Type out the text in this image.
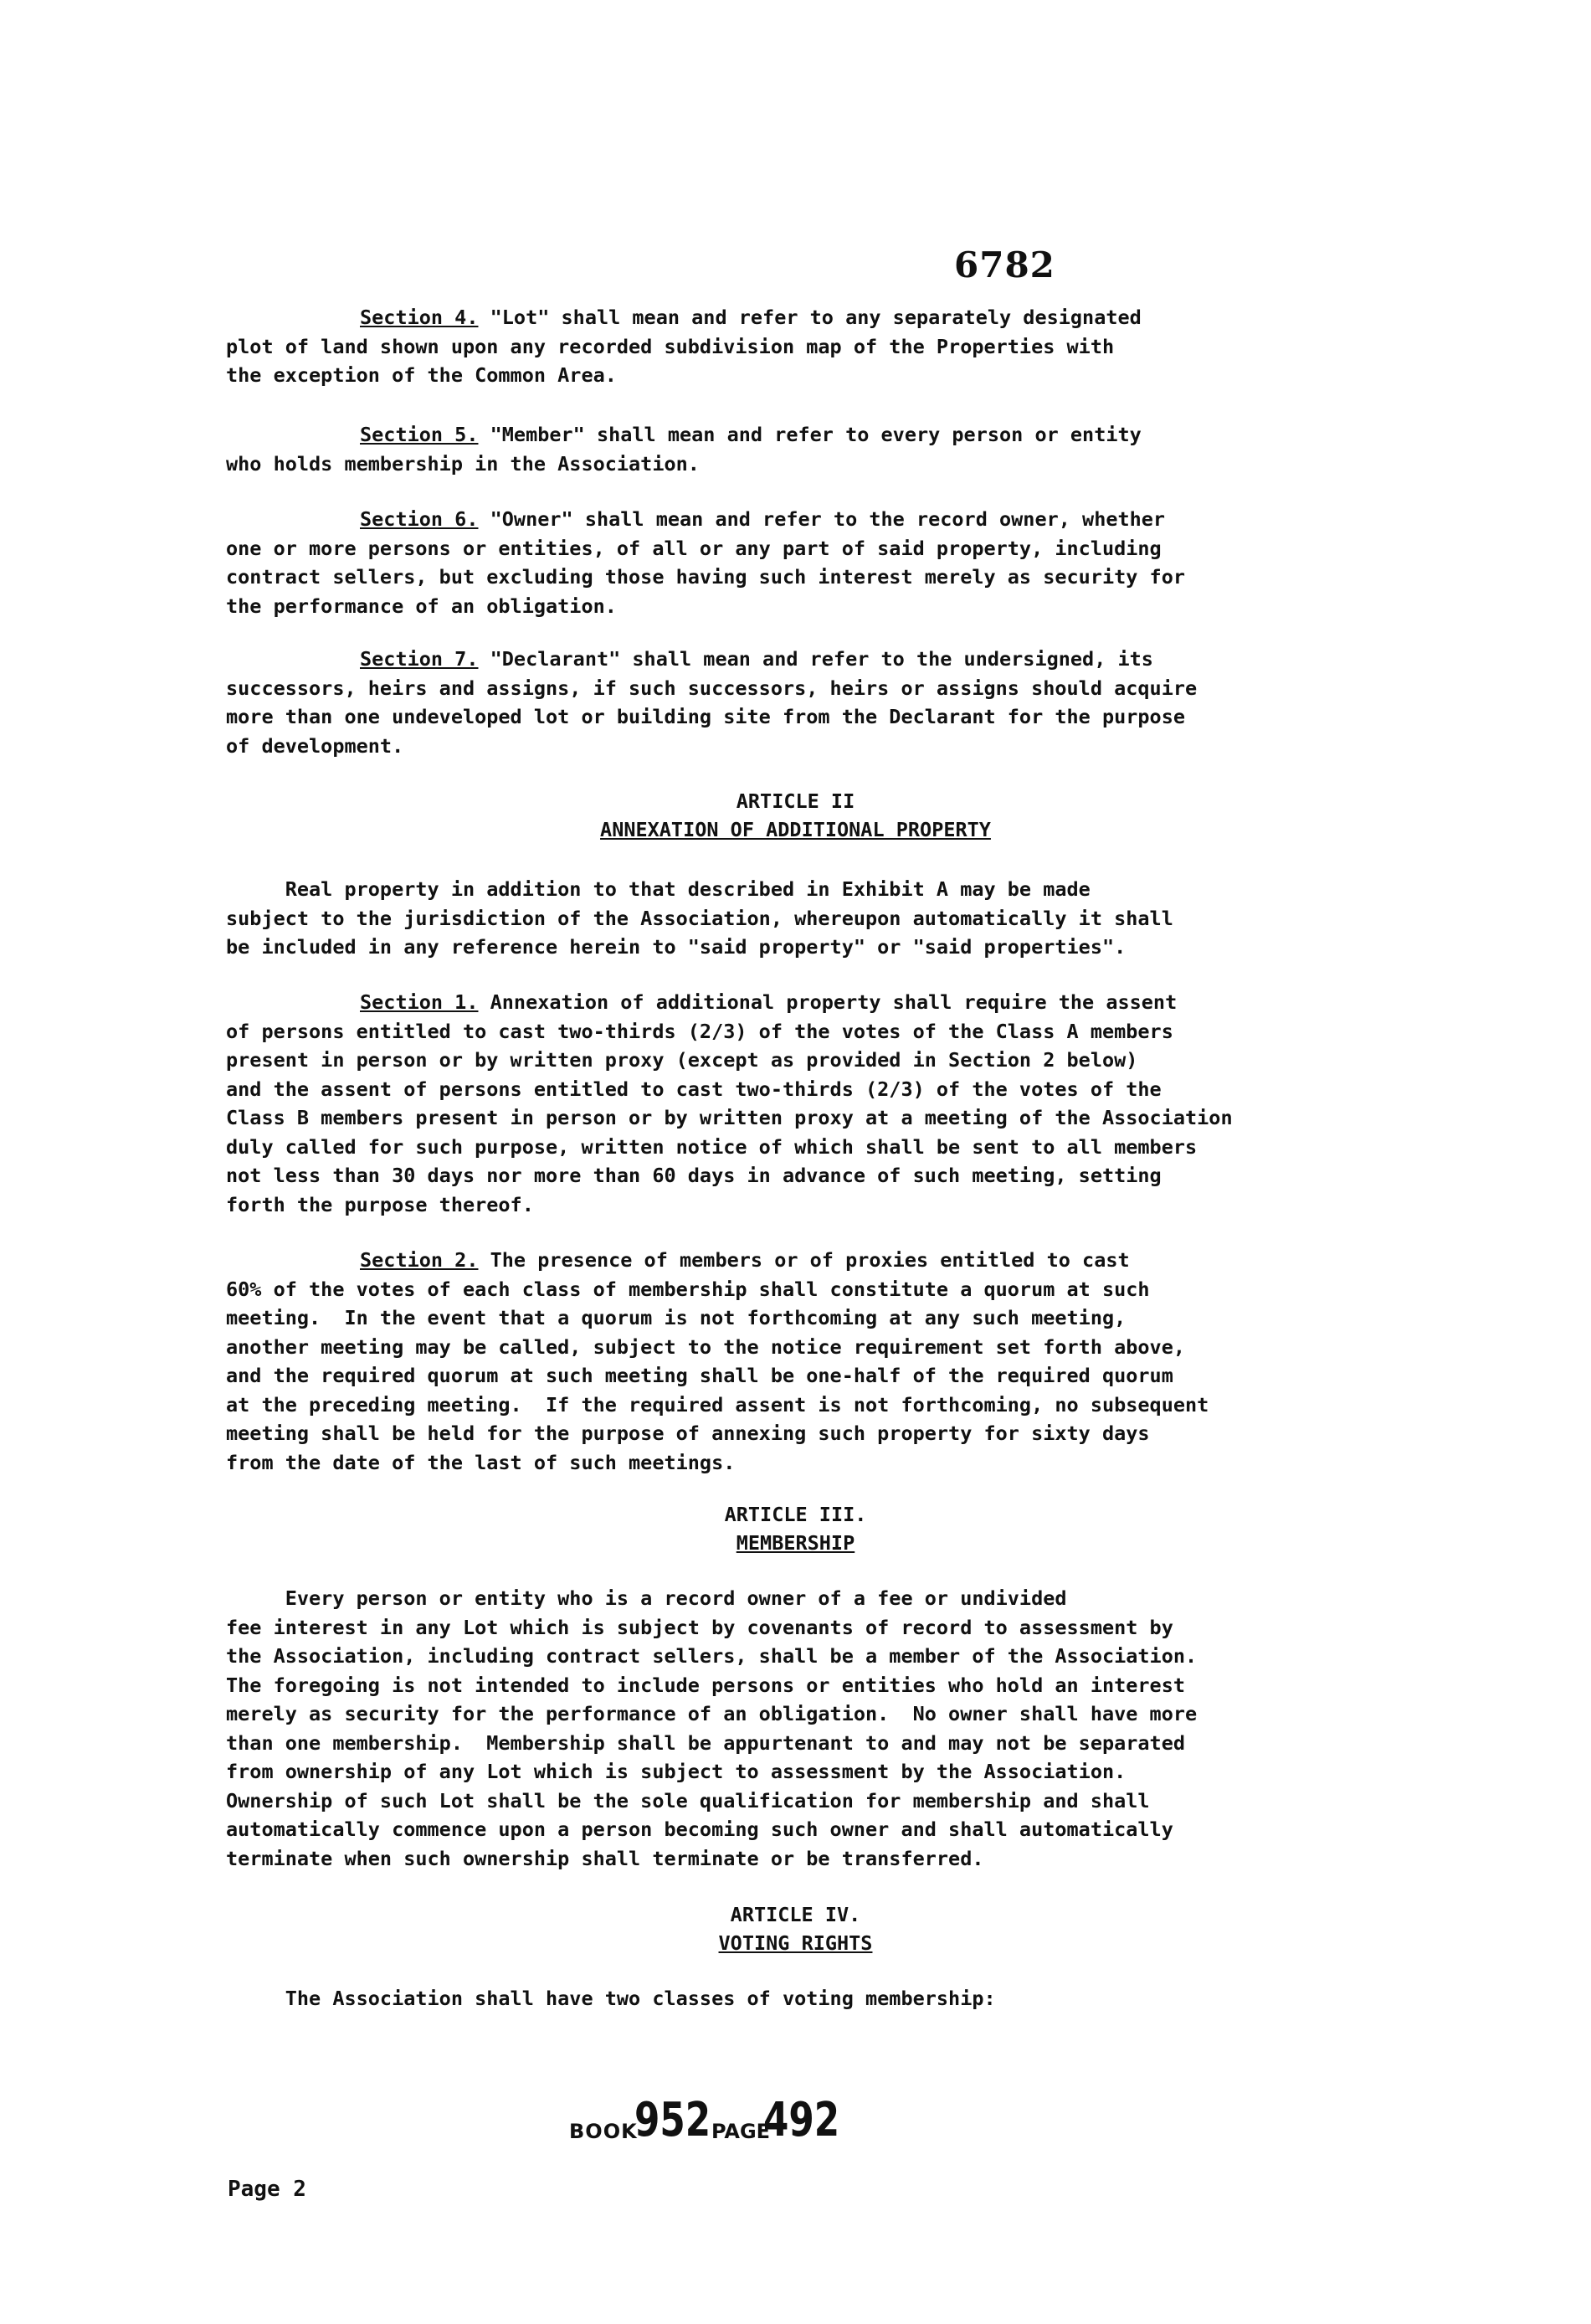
6782

Section 4. "Lot" shall mean and refer to any separately designated
plot of land shown upon any recorded subdivision map of the Properties with
the exception of the Common Area.

Section 5. "Member" shall mean and refer to every person or entity
who holds membership in the Association.

Section 6. "Owner" shall mean and refer to the record owner, whether
one or more persons or entities, of all or any part of said property, including
contract sellers, but excluding those having such interest merely as security for
the performance of an obligation.

Section 7. "Declarant" shall mean and refer to the undersigned, its
successors, heirs and assigns, if such successors, heirs or assigns should acquire
more than one undeveloped lot or building site from the Declarant for the purpose
of development.

ARTICLE II
ANNEXATION OF ADDITIONAL PROPERTY

Real property in addition to that described in Exhibit A may be made
subject to the jurisdiction of the Association, whereupon automatically it shall
be included in any reference herein to "said property" or "said properties".

Section 1. Annexation of additional property shall require the assent
of persons entitled to cast two-thirds (2/3) of the votes of the Class A members
present in person or by written proxy (except as provided in Section 2 below)
and the assent of persons entitled to cast two-thirds (2/3) of the votes of the
Class B members present in person or by written proxy at a meeting of the Association
duly called for such purpose, written notice of which shall be sent to all members
not less than 30 days nor more than 60 days in advance of such meeting, setting
forth the purpose thereof.

Section 2. The presence of members or of proxies entitled to cast
60% of the votes of each class of membership shall constitute a quorum at such
meeting.  In the event that a quorum is not forthcoming at any such meeting,
another meeting may be called, subject to the notice requirement set forth above,
and the required quorum at such meeting shall be one-half of the required quorum
at the preceding meeting.  If the required assent is not forthcoming, no subsequent
meeting shall be held for the purpose of annexing such property for sixty days
from the date of the last of such meetings.

ARTICLE III.
MEMBERSHIP

Every person or entity who is a record owner of a fee or undivided
fee interest in any Lot which is subject by covenants of record to assessment by
the Association, including contract sellers, shall be a member of the Association.
The foregoing is not intended to include persons or entities who hold an interest
merely as security for the performance of an obligation.  No owner shall have more
than one membership.  Membership shall be appurtenant to and may not be separated
from ownership of any Lot which is subject to assessment by the Association.
Ownership of such Lot shall be the sole qualification for membership and shall
automatically commence upon a person becoming such owner and shall automatically
terminate when such ownership shall terminate or be transferred.

ARTICLE IV.
VOTING RIGHTS

The Association shall have two classes of voting membership:

BOOK
952 PAGE
492
Page 2
